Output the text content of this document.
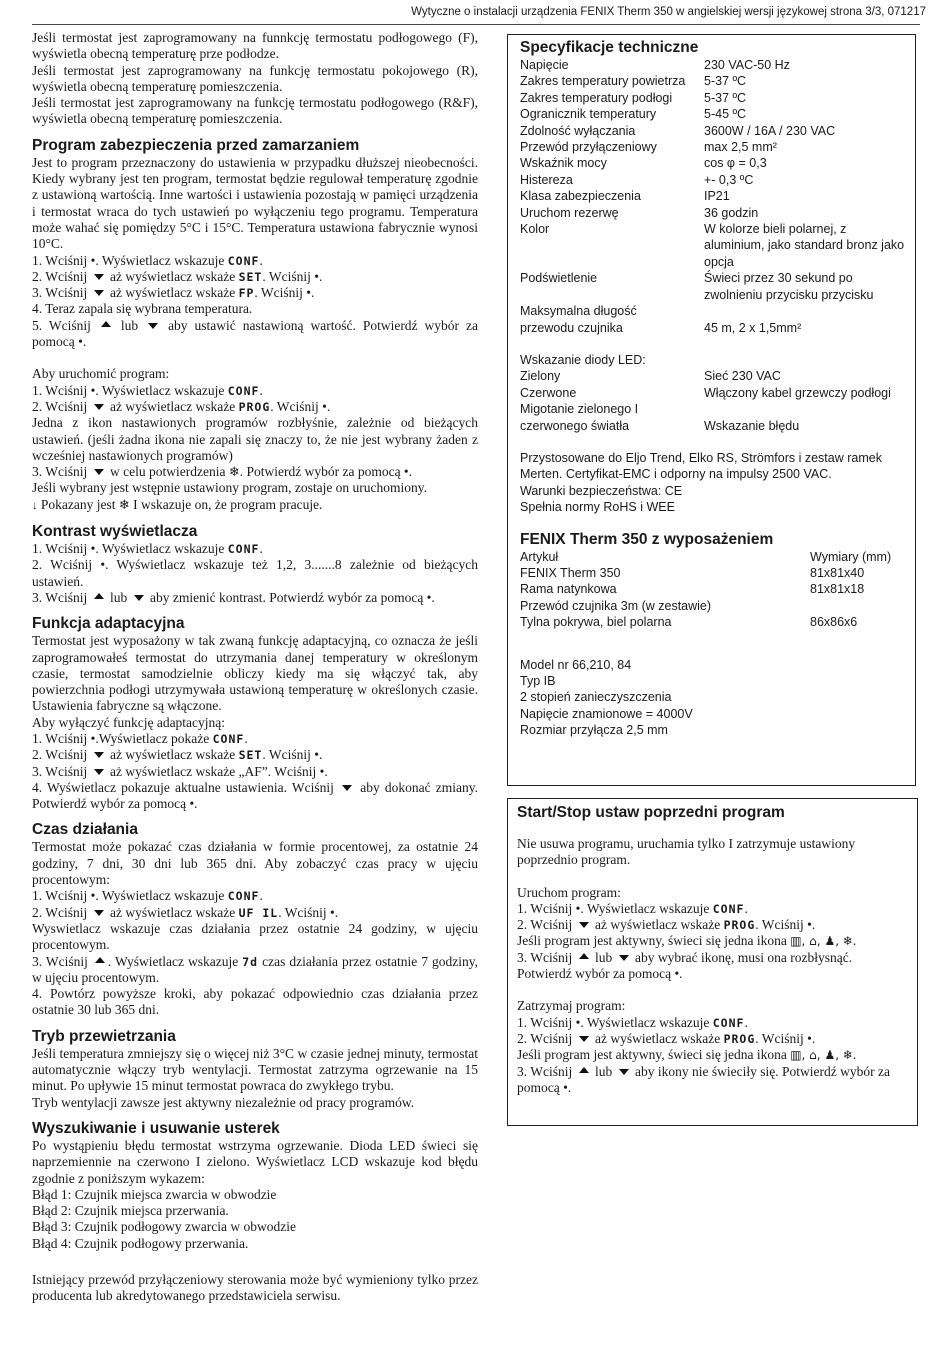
Wytyczne o instalacji urządzenia FENIX Therm 350 w angielskiej wersji językowej strona 3/3, 071217

Jeśli termostat jest zaprogramowany na funnkcję termostatu podłogowego (F), wyświetla obecną temperaturę prze podłodze.

Jeśli termostat jest zaprogramowany na funkcję termostatu pokojowego (R), wyświetla obecną temperaturę pomieszczenia.

Jeśli termostat jest zaprogramowany na funkcję termostatu podłogowego (R&F), wyświetla obecną temperaturę pomieszczenia.

Program zabezpieczenia przed zamarzaniem

Jest to program przeznaczony do ustawienia w przypadku dłuższej nieobecności. Kiedy wybrany jest ten program, termostat będzie regulował temperaturę zgodnie z ustawioną wartością. Inne wartości i ustawienia pozostają w pamięci urządzenia i termostat wraca do tych ustawień po wyłączeniu tego programu. Temperatura może wahać się pomiędzy 5°C i 15°C. Temperatura ustawiona fabrycznie wynosi 10°C.

1. Wciśnij •. Wyświetlacz wskazuje CONF.

2. Wciśnij aż wyświetlacz wskaże SET. Wciśnij •.

3. Wciśnij aż wyświetlacz wskaże FP. Wciśnij •.

4. Teraz zapala się wybrana temperatura.

5. Wciśnij lub aby ustawić nastawioną wartość. Potwierdź wybór za pomocą •.

Aby uruchomić program:

1. Wciśnij •. Wyświetlacz wskazuje CONF.

2. Wciśnij aż wyświetlacz wskaże PROG. Wciśnij •.

Jedna z ikon nastawionych programów rozbłyśnie, zależnie od bieżących ustawień. (jeśli żadna ikona nie zapali się znaczy to, że nie jest wybrany żaden z wcześniej nastawionych programów)

3. Wciśnij w celu potwierdzenia ❄. Potwierdź wybór za pomocą •.

Jeśli wybrany jest wstępnie ustawiony program, zostaje on uruchomiony.

↓ Pokazany jest ❄ I wskazuje on, że program pracuje.

Kontrast wyświetlacza

1. Wciśnij •. Wyświetlacz wskazuje CONF.

2. Wciśnij •. Wyświetlacz wskazuje też 1,2, 3.......8 zależnie od bieżących ustawień.

3. Wciśnij lub aby zmienić kontrast. Potwierdź wybór za pomocą •.

Funkcja adaptacyjna

Termostat jest wyposażony w tak zwaną funkcję adaptacyjną, co oznacza że jeśli zaprogramowałeś termostat do utrzymania danej temperatury w określonym czasie, termostat samodzielnie obliczy kiedy ma się włączyć tak, aby powierzchnia podłogi utrzymywała ustawioną temperaturę w określonych czasie. Ustawienia fabryczne są włączone.

Aby wyłączyć funkcję adaptacyjną:

1. Wciśnij •.Wyświetlacz pokaże CONF.

2. Wciśnij aż wyświetlacz wskaże SET. Wciśnij •.

3. Wciśnij aż wyświetlacz wskaże „AF”. Wciśnij •.

4. Wyświetlacz pokazuje aktualne ustawienia. Wciśnij aby dokonać zmiany. Potwierdź wybór za pomocą •.

Czas działania

Termostat może pokazać czas działania w formie procentowej, za ostatnie 24 godziny, 7 dni, 30 dni lub 365 dni. Aby zobaczyć czas pracy w ujęciu procentowym:

1. Wciśnij •. Wyświetlacz wskazuje CONF.

2. Wciśnij aż wyświetlacz wskaże UF IL. Wciśnij •.

Wyswietlacz wskazuje czas działania przez ostatnie 24 godziny, w ujęciu procentowym.

3. Wciśnij . Wyświetlacz wskazuje 7d czas działania przez ostatnie 7 godziny, w ujęciu procentowym.

4. Powtórz powyższe kroki, aby pokazać odpowiednio czas działania przez ostatnie 30 lub 365 dni.

Tryb przewietrzania

Jeśli temperatura zmniejszy się o więcej niż 3°C w czasie jednej minuty, termostat automatycznie włączy tryb wentylacji. Termostat zatrzyma ogrzewanie na 15 minut. Po upływie 15 minut termostat powraca do zwykłego trybu.

Tryb wentylacji zawsze jest aktywny niezależnie od pracy programów.

Wyszukiwanie i usuwanie usterek

Po wystąpieniu błędu termostat wstrzyma ogrzewanie. Dioda LED świeci się naprzemiennie na czerwono I zielono. Wyświetlacz LCD wskazuje kod błędu zgodnie z poniższym wykazem:

Błąd 1: Czujnik miejsca zwarcia w obwodzie

Błąd 2: Czujnik miejsca przerwania.

Błąd 3: Czujnik podłogowy zwarcia w obwodzie

Błąd 4: Czujnik podłogowy przerwania.

Istniejący przewód przyłączeniowy sterowania może być wymieniony tylko przez producenta lub akredytowanego przedstawiciela serwisu.

Specyfikacje techniczne
Napięcie	230 VAC-50 Hz
Zakres temperatury powietrza	5-37 ºC
Zakres temperatury podłogi	5-37 ºC
Ogranicznik temperatury	5-45 ºC
Zdolność wyłączania	3600W / 16A / 230 VAC
Przewód przyłączeniowy	max 2,5 mm²
Wskaźnik mocy	cos φ = 0,3
Histereza	+- 0,3 ºC
Klasa zabezpieczenia	IP21
Uruchom rezerwę	36 godzin
Kolor	W kolorze bieli polarnej, z aluminium, jako standard bronz jako opcja
Podświetlenie	Świeci przez 30 sekund po zwolnieniu przycisku przycisku
Maksymalna długość
przewodu czujnika	45 m, 2 x 1,5mm²
Wskazanie diody LED:
Zielony	Sieć 230 VAC
Czerwone	Włączony kabel grzewczy podłogi
Migotanie zielonego I
czerwonego światła	Wskazanie błędu
Przystosowane do Eljo Trend, Elko RS, Strömfors i zestaw ramek Merten. Certyfikat-EMC i odporny na impulsy 2500 VAC.
Warunki bezpieczeństwa: CE
Spełnia normy RoHS i WEE
FENIX Therm 350 z wyposażeniem
Artykuł	Wymiary (mm)
FENIX Therm 350	81x81x40
Rama natynkowa	81x81x18
Przewód czujnika 3m (w zestawie)
Tylna pokrywa, biel polarna	86x86x6
Model nr 66,210, 84
Typ IB
2 stopień zanieczyszczenia
Napięcie znamionowe = 4000V
Rozmiar przyłącza 2,5 mm
Start/Stop ustaw poprzedni program

Nie usuwa programu, uruchamia tylko I zatrzymuje ustawiony poprzednio program.

Uruchom program:

1. Wciśnij •. Wyświetlacz wskazuje CONF.

2. Wciśnij aż wyświetlacz wskaże PROG. Wciśnij •.

Jeśli program jest aktywny, świeci się jedna ikona ▥, ⌂, ♟, ❄.

3. Wciśnij lub aby wybrać ikonę, musi ona rozbłysnąć. Potwierdź wybór za pomocą •.

Zatrzymaj program:

1. Wciśnij •. Wyświetlacz wskazuje CONF.

2. Wciśnij aż wyświetlacz wskaże PROG. Wciśnij •.

Jeśli program jest aktywny, świeci się jedna ikona ▥, ⌂, ♟, ❄.

3. Wciśnij lub aby ikony nie świeciły się. Potwierdź wybór za pomocą •.
